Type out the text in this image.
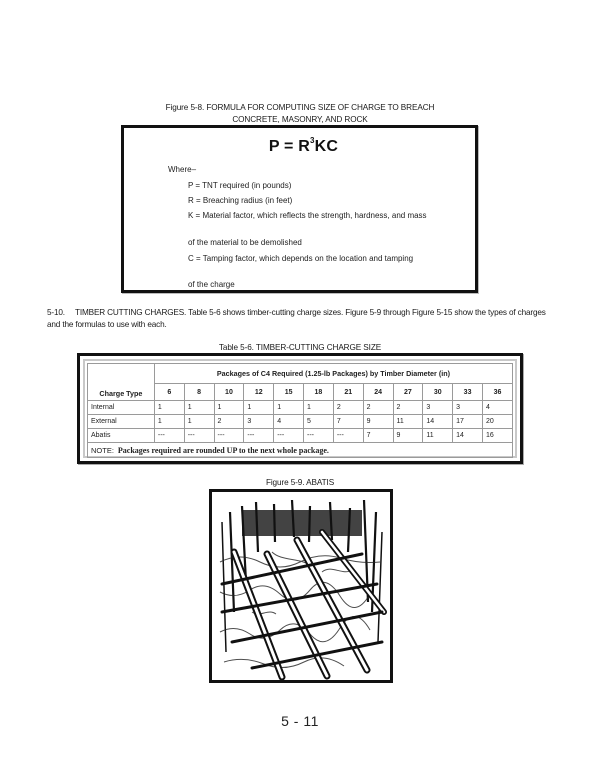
Figure 5-8. FORMULA FOR COMPUTING SIZE OF CHARGE TO BREACH
CONCRETE, MASONRY, AND ROCK
$P = R^3KC$
Where–
P = TNT required (in pounds)
R = Breaching radius (in feet)
K = Material factor, which reflects the strength, hardness, and mass
of the material to be demolished
C = Tamping factor, which depends on the location and tamping
of the charge
5-10. TIMBER CUTTING CHARGES. Table 5-6 shows timber-cutting charge sizes. Figure 5-9 through Figure 5-15 show the types of charges and the formulas to use with each.
Table 5-6. TIMBER-CUTTING CHARGE SIZE
Charge Type	Packages of C4 Required (1.25-lb Packages) by Timber Diameter (in)											
	6	8	10	12	15	18	21	24	27	30	33	36
Internal	1	1	1	1	1	1	2	2	2	3	3	4
External	1	1	2	3	4	5	7	9	11	14	17	20
Abatis	---	---	---	---	---	---	---	7	9	11	14	16
NOTE: Packages required are rounded UP to the next whole package.												
Figure 5-9. ABATIS
5 - 11
